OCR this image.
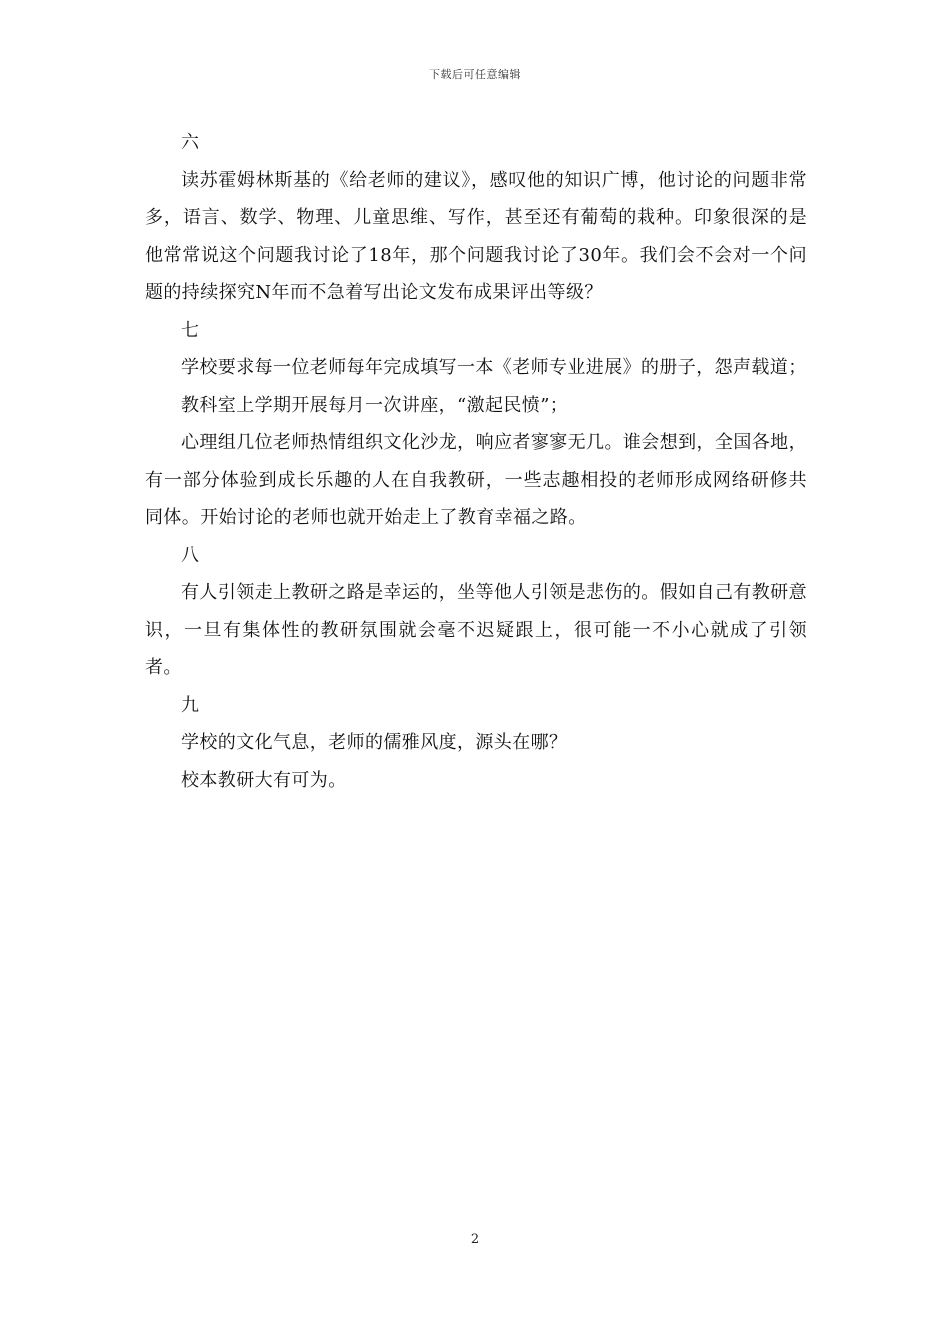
下载后可任意编辑

六

读苏霍姆林斯基的《给老师的建议》，感叹他的知识广博，他讨论的问题非常多，语言、数学、物理、儿童思维、写作，甚至还有葡萄的栽种。印象很深的是他常常说这个问题我讨论了18年，那个问题我讨论了30年。我们会不会对一个问题的持续探究N年而不急着写出论文发布成果评出等级？

七

学校要求每一位老师每年完成填写一本《老师专业进展》的册子，怨声载道；

教科室上学期开展每月一次讲座，“激起民愤”；

心理组几位老师热情组织文化沙龙，响应者寥寥无几。谁会想到，全国各地，有一部分体验到成长乐趣的人在自我教研，一些志趣相投的老师形成网络研修共同体。开始讨论的老师也就开始走上了教育幸福之路。

八

有人引领走上教研之路是幸运的，坐等他人引领是悲伤的。假如自己有教研意识，一旦有集体性的教研氛围就会毫不迟疑跟上，很可能一不小心就成了引领者。

九

学校的文化气息，老师的儒雅风度，源头在哪？

校本教研大有可为。

2
